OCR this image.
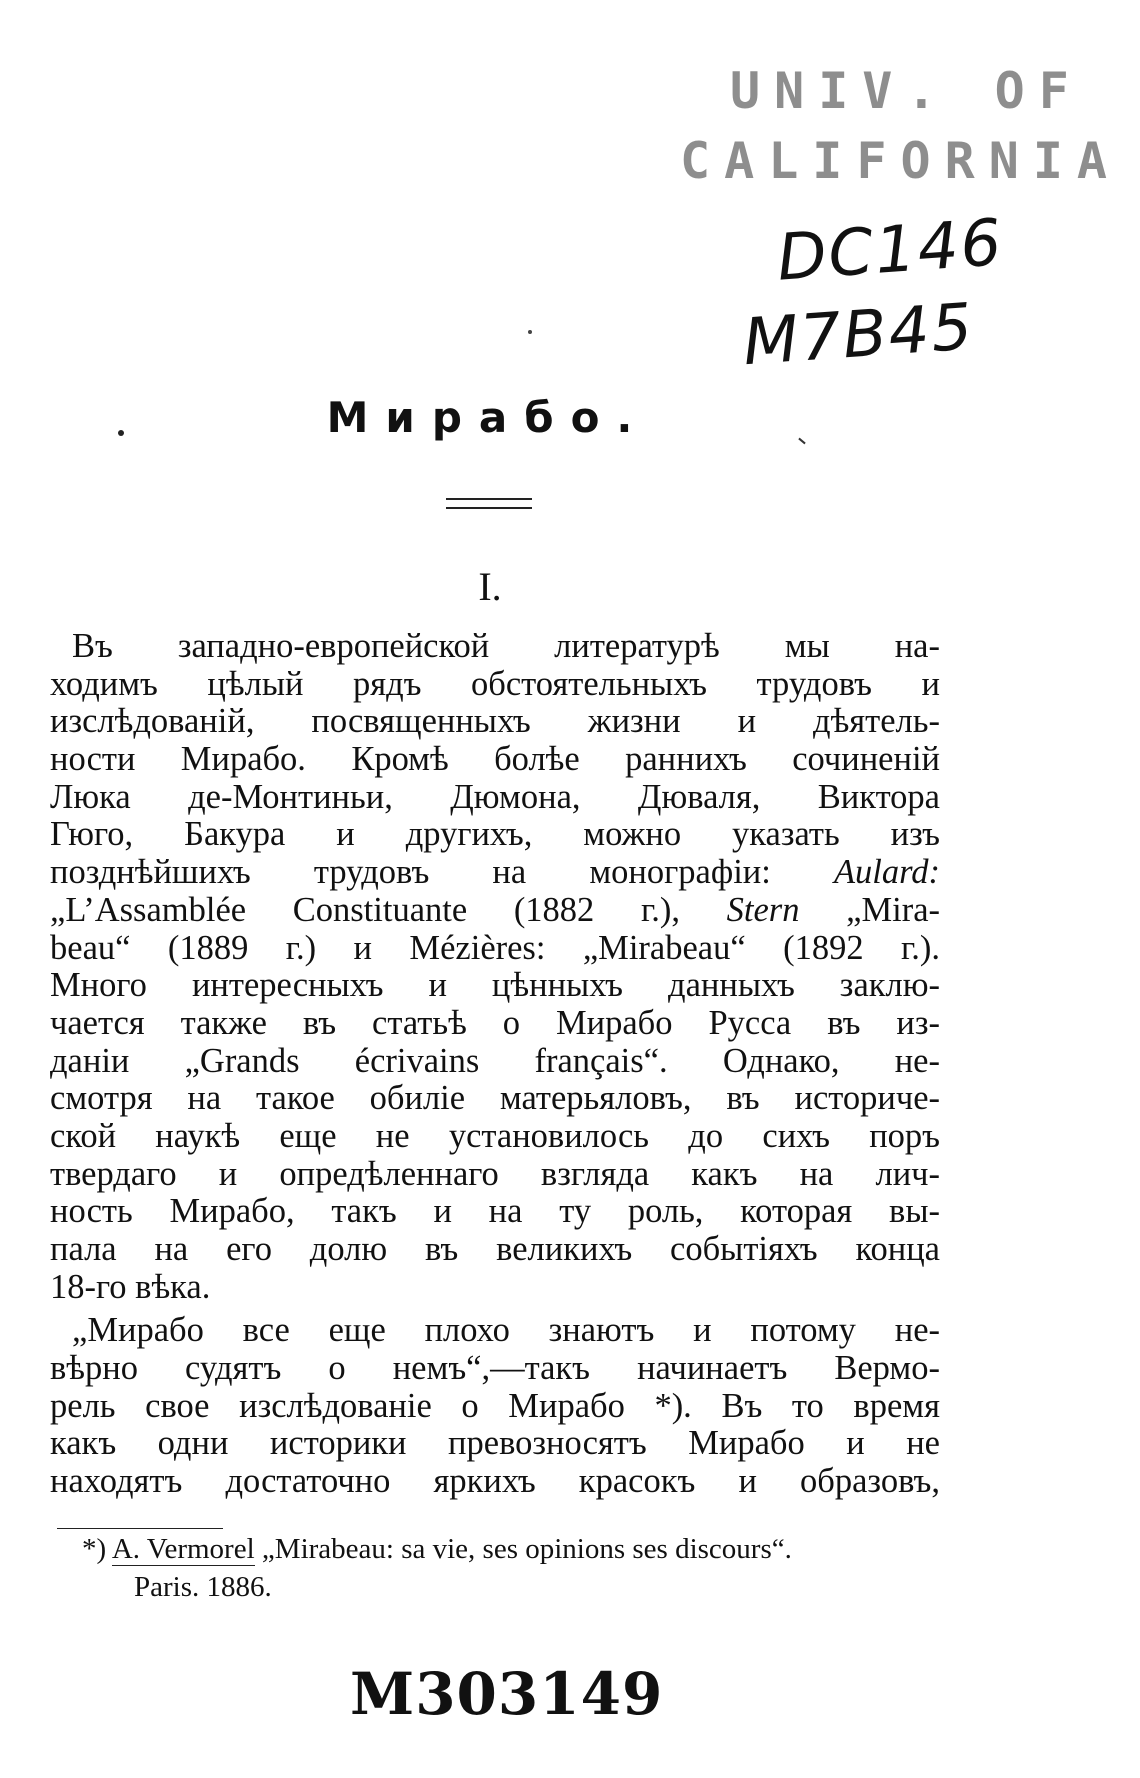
UNIV. OF
CALIFORNIA
DC146
M7B45
Мирабо.
I.
Въ западно-европейской литературѣ мы на-
ходимъ цѣлый рядъ обстоятельныхъ трудовъ и
изслѣдованій, посвященныхъ жизни и дѣятель-
ности Мирабо. Кромѣ болѣе раннихъ сочиненій
Люка де-Монтиньи, Дюмона, Дюваля, Виктора
Гюго, Бакура и другихъ, можно указать изъ
позднѣйшихъ трудовъ на монографіи: Aulard:
„L’Assamblée Constituante (1882 г.), Stern „Mira-
beau“ (1889 г.) и Mézières: „Mirabeau“ (1892 г.).
Много интересныхъ и цѣнныхъ данныхъ заклю-
чается также въ статьѣ о Мирабо Русса въ из-
даніи „Grands écrivains français“. Однако, не-
смотря на такое обиліе матерьяловъ, въ историче-
ской наукѣ еще не установилось до сихъ поръ
твердаго и опредѣленнаго взгляда какъ на лич-
ность Мирабо, такъ и на ту роль, которая вы-
пала на его долю въ великихъ событіяхъ конца
18-го вѣка.
„Мирабо все еще плохо знаютъ и потому не-
вѣрно судятъ о немъ“,—такъ начинаетъ Вермо-
рель свое изслѣдованіе о Мирабо *). Въ то время
какъ одни историки превозносятъ Мирабо и не
находятъ достаточно яркихъ красокъ и образовъ,
*) A. Vermorel „Mirabeau: sa vie, ses opinions ses discours“.
Paris. 1886.
M303149
